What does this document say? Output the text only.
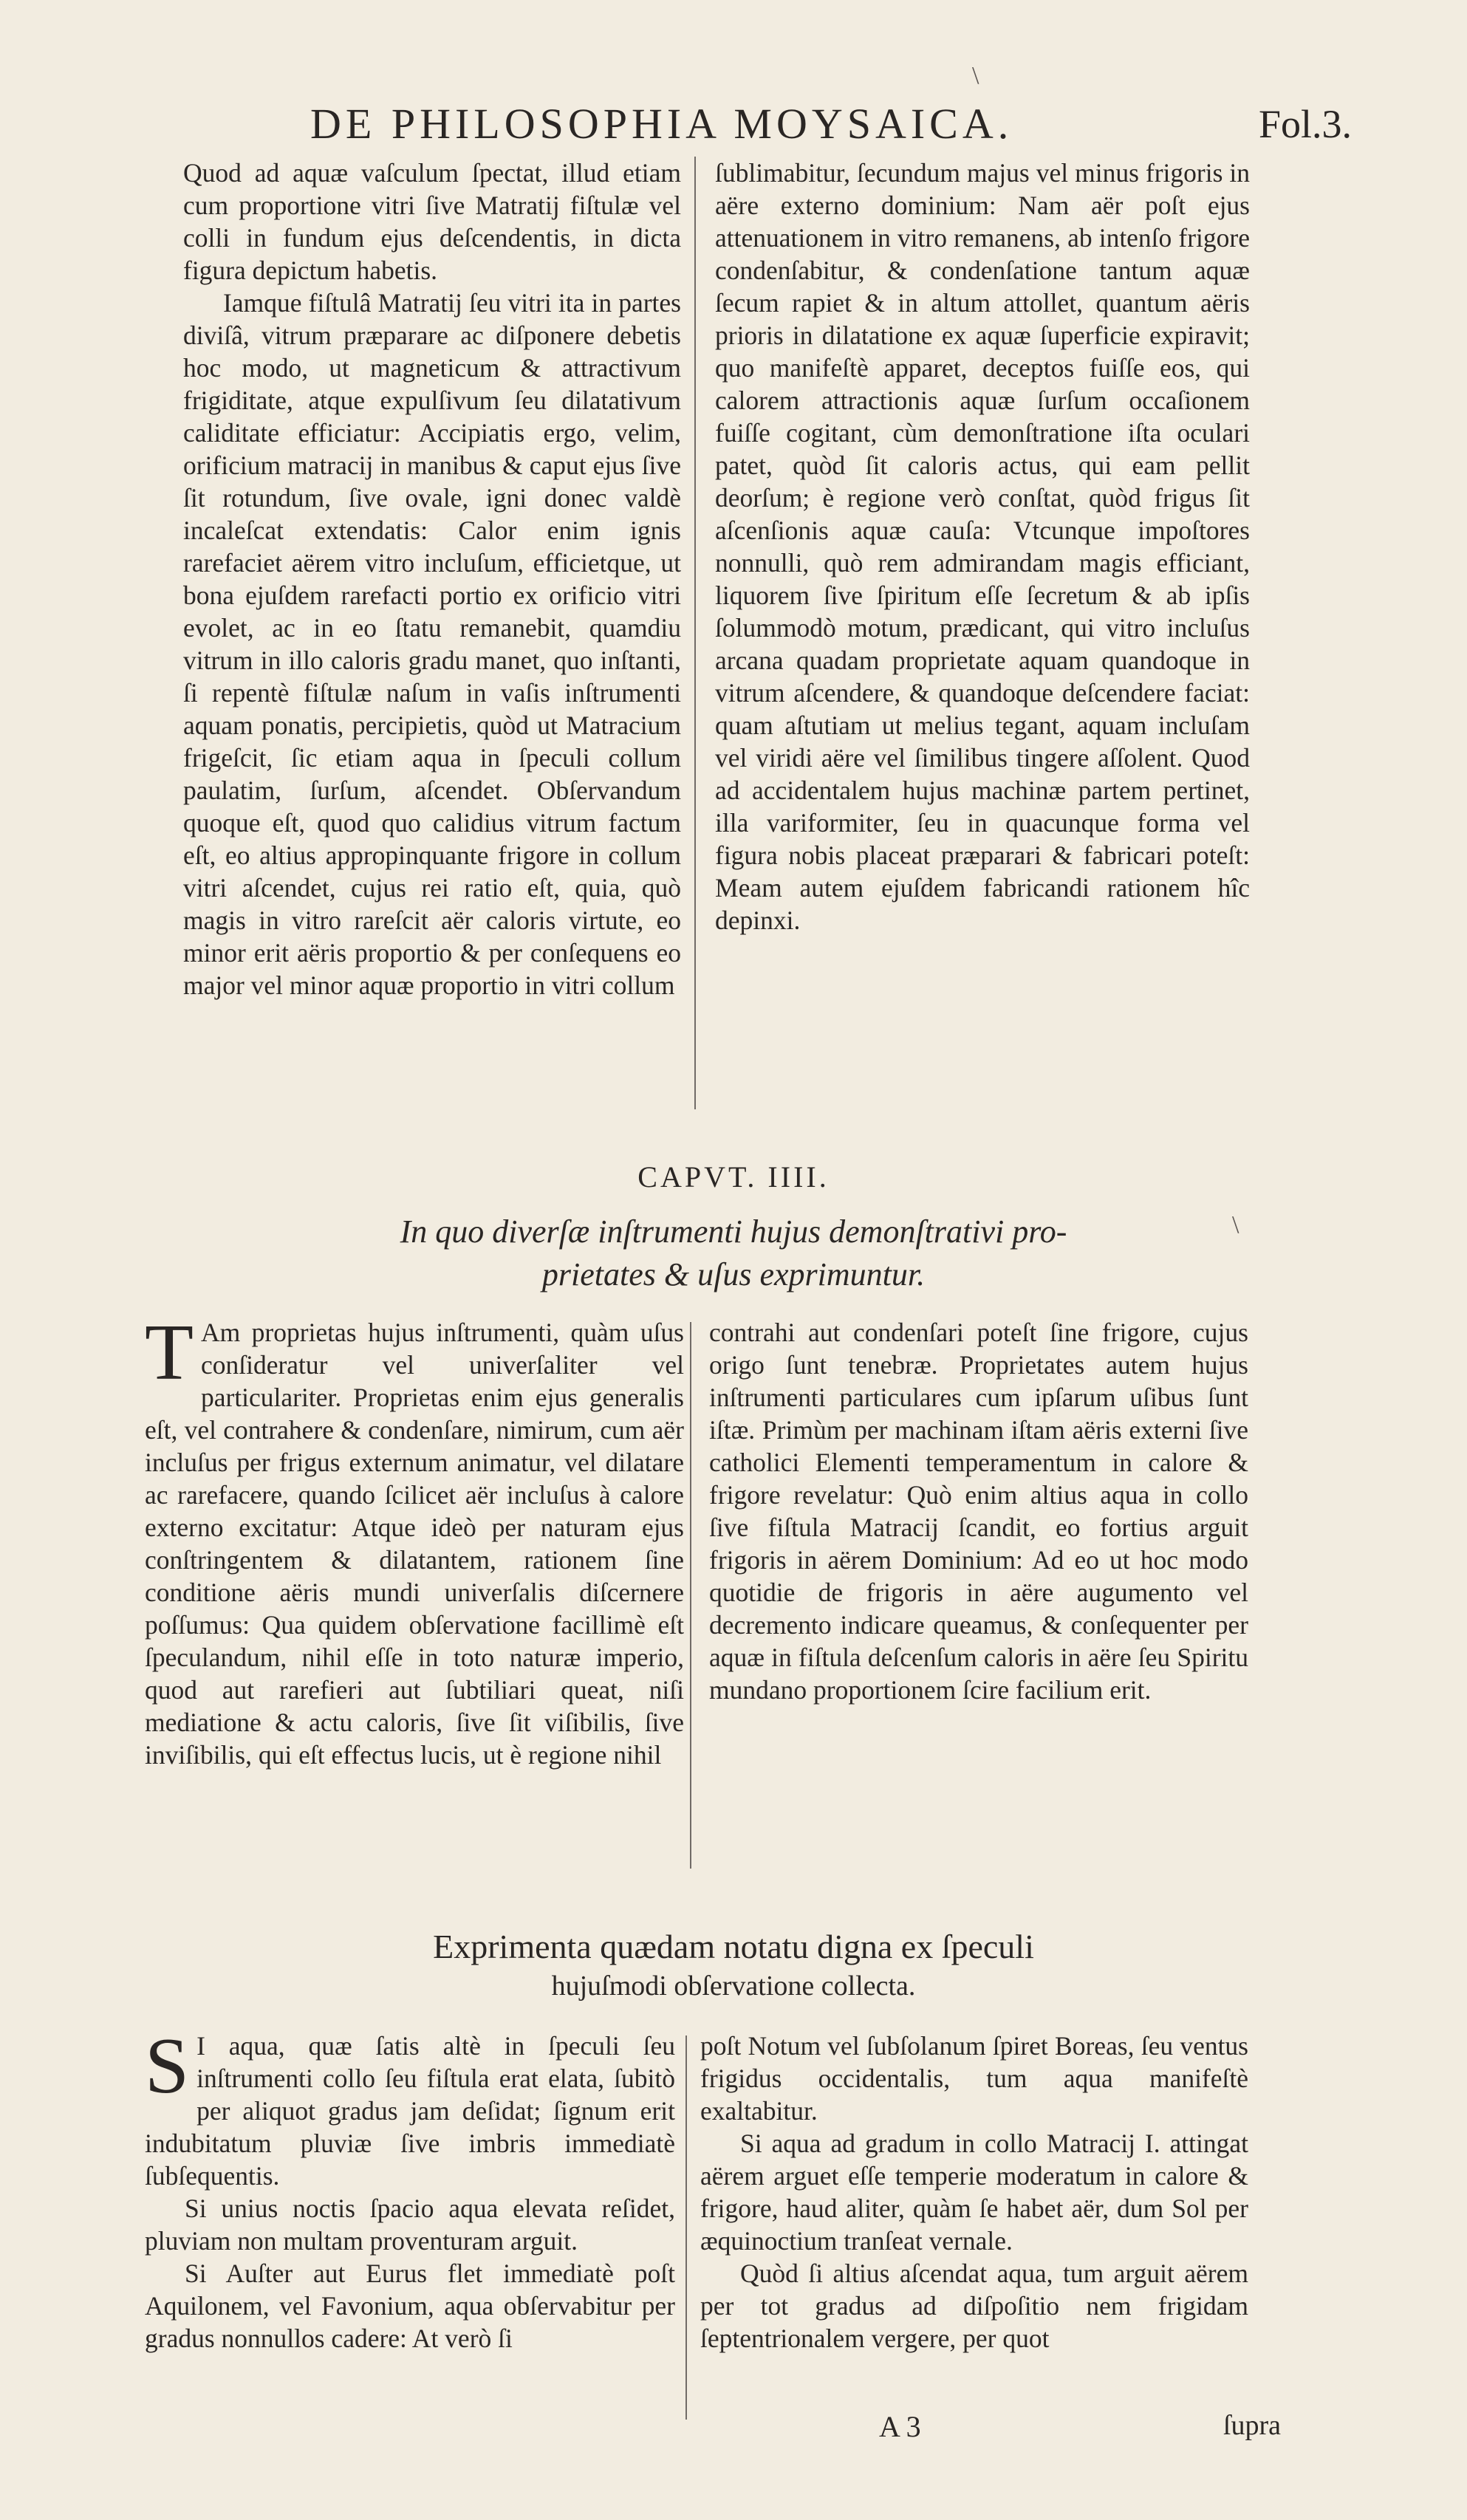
DE PHILOSOPHIA MOYSAICA.	Fol.3.
\

Quod ad aquæ vaſculum ſpectat, illud etiam cum proportione vitri ſive Matratij fiſtulæ vel colli in fundum ejus deſcendentis, in dicta figura depictum habetis.

Iamque fiſtulâ Matratij ſeu vitri ita in partes diviſâ, vitrum præparare ac diſponere debetis hoc modo, ut magneticum & attractivum frigiditate, atque expulſivum ſeu dilatativum caliditate efficiatur: Accipiatis ergo, velim, orificium matracij in manibus & caput ejus ſive ſit rotundum, ſive ovale, igni donec valdè incaleſcat extendatis: Calor enim ignis rarefaciet aërem vitro incluſum, efficietque, ut bona ejuſdem rarefacti portio ex orificio vitri evolet, ac in eo ſtatu remanebit, quamdiu vitrum in illo caloris gradu manet, quo inſtanti, ſi repentè fiſtulæ naſum in vaſis inſtrumenti aquam ponatis, percipietis, quòd ut Matracium frigeſcit, ſic etiam aqua in ſpeculi collum paulatim, ſurſum, aſcendet. Obſervandum quoque eſt, quod quo calidius vitrum factum eſt, eo altius appropinquante frigore in collum vitri aſcendet, cujus rei ratio eſt, quia, quò magis in vitro rareſcit aër caloris virtute, eo minor erit aëris proportio & per conſequens eo major vel minor aquæ proportio in vitri collum

ſublimabitur, ſecundum majus vel minus frigoris in aëre externo dominium: Nam aër poſt ejus attenuationem in vitro remanens, ab intenſo frigore condenſabitur, & condenſatione tantum aquæ ſecum rapiet & in altum attollet, quantum aëris prioris in dilatatione ex aquæ ſuperficie expiravit; quo manifeſtè apparet, deceptos fuiſſe eos, qui calorem attractionis aquæ ſurſum occaſionem fuiſſe cogitant, cùm demonſtratione iſta oculari patet, quòd ſit caloris actus, qui eam pellit deorſum; è regione verò conſtat, quòd frigus ſit aſcenſionis aquæ cauſa: Vtcunque impoſtores nonnulli, quò rem admirandam magis efficiant, liquorem ſive ſpiritum eſſe ſecretum & ab ipſis ſolummodò motum, prædicant, qui vitro incluſus arcana quadam proprietate aquam quandoque in vitrum aſcendere, & quandoque deſcendere faciat: quam aſtutiam ut melius tegant, aquam incluſam vel viridi aëre vel ſimilibus tingere aſſolent. Quod ad accidentalem hujus machinæ partem pertinet, illa variformiter, ſeu in quacunque forma vel figura nobis placeat præparari & fabricari poteſt: Meam autem ejuſdem fabricandi rationem hîc depinxi.

CAPVT. IIII.
In quo diverſæ inſtrumenti hujus demonſtrativi pro-
prietates & uſus exprimuntur.
\

T Am proprietas hujus inſtrumenti, quàm uſus conſideratur vel univerſaliter vel particulariter. Proprietas enim ejus generalis eſt, vel contrahere & condenſare, nimirum, cum aër incluſus per frigus externum animatur, vel dilatare ac rarefacere, quando ſcilicet aër incluſus à calore externo excitatur: Atque ideò per naturam ejus conſtringentem & dilatantem, rationem ſine conditione aëris mundi univerſalis diſcernere poſſumus: Qua quidem obſervatione facillimè eſt ſpeculandum, nihil eſſe in toto naturæ imperio, quod aut rarefieri aut ſubtiliari queat, niſi mediatione & actu caloris, ſive ſit viſibilis, ſive inviſibilis, qui eſt effectus lucis, ut è regione nihil

contrahi aut condenſari poteſt ſine frigore, cujus origo ſunt tenebræ. Proprietates autem hujus inſtrumenti particulares cum ipſarum uſibus ſunt iſtæ. Primùm per machinam iſtam aëris externi ſive catholici Elementi temperamentum in calore & frigore revelatur: Quò enim altius aqua in collo ſive fiſtula Matracij ſcandit, eo fortius arguit frigoris in aërem Dominium: Ad eo ut hoc modo quotidie de frigoris in aëre augumento vel decremento indicare queamus, & conſequenter per aquæ in fiſtula deſcenſum caloris in aëre ſeu Spiritu mundano proportionem ſcire facilium erit.

Exprimenta quædam notatu digna ex ſpeculi
hujuſmodi obſervatione collecta.

S I aqua, quæ ſatis altè in ſpeculi ſeu inſtrumenti collo ſeu fiſtula erat elata, ſubitò per aliquot gradus jam deſidat; ſignum erit indubitatum pluviæ ſive imbris immediatè ſubſequentis.

Si unius noctis ſpacio aqua elevata reſidet, pluviam non multam proventuram arguit.

Si Auſter aut Eurus flet immediatè poſt Aquilonem, vel Favonium, aqua obſervabitur per gradus nonnullos cadere: At verò ſi

poſt Notum vel ſubſolanum ſpiret Boreas, ſeu ventus frigidus occidentalis, tum aqua manifeſtè exaltabitur.

Si aqua ad gradum in collo Matracij I. attingat aërem arguet eſſe temperie moderatum in calore & frigore, haud aliter, quàm ſe habet aër, dum Sol per æquinoctium tranſeat vernale.

Quòd ſi altius aſcendat aqua, tum arguit aërem per tot gradus ad diſpoſitio nem frigidam ſeptentrionalem vergere, per quot

A 3	ſupra
